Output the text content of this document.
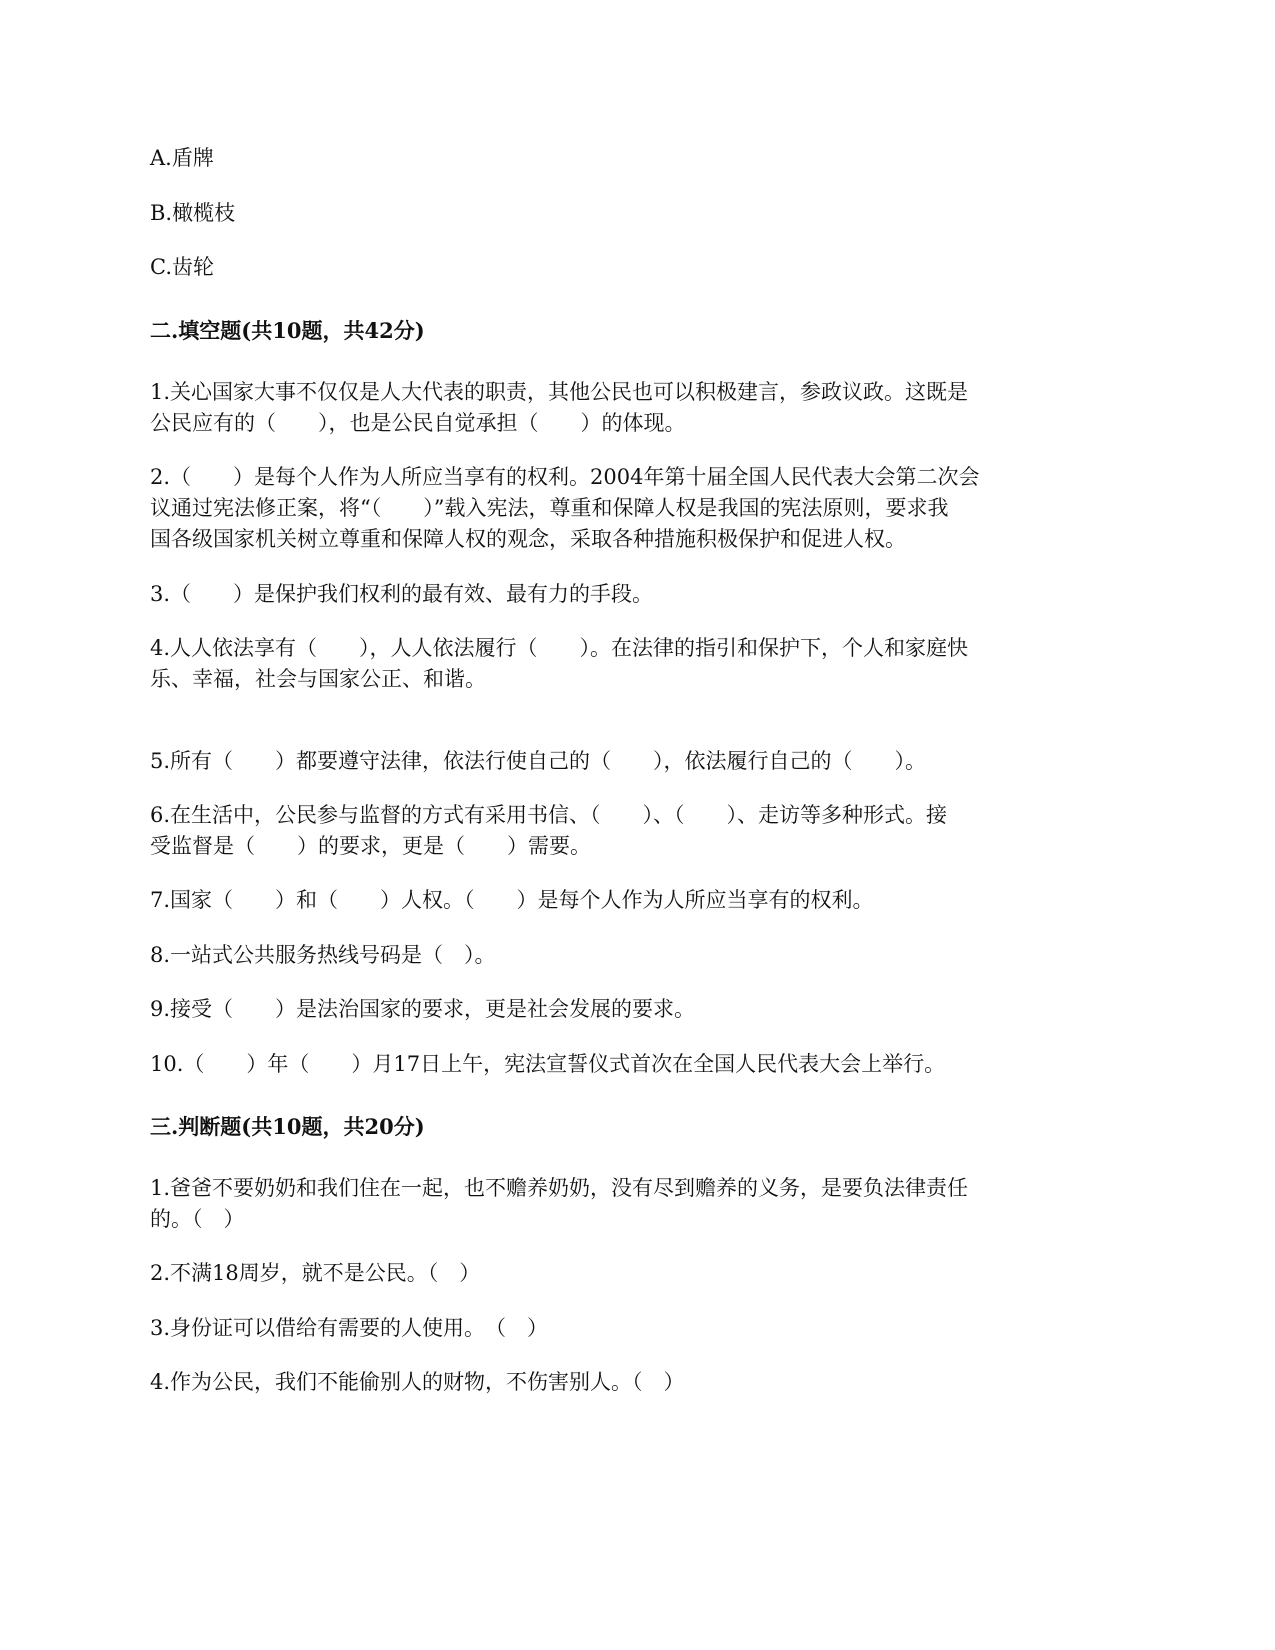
A.盾牌
B.橄榄枝
C.齿轮
二.填空题(共10题，共42分)
1.关心国家大事不仅仅是人大代表的职责，其他公民也可以积极建言，参政议政。这既是
公民应有的（　　），也是公民自觉承担（　　）的体现。
2.（　　）是每个人作为人所应当享有的权利。2004年第十届全国人民代表大会第二次会
议通过宪法修正案，将“（　　）”载入宪法，尊重和保障人权是我国的宪法原则，要求我
国各级国家机关树立尊重和保障人权的观念，采取各种措施积极保护和促进人权。
3.（　　）是保护我们权利的最有效、最有力的手段。
4.人人依法享有（　　），人人依法履行（　　）。在法律的指引和保护下，个人和家庭快
乐、幸福，社会与国家公正、和谐。
5.所有（　　）都要遵守法律，依法行使自己的（　　），依法履行自己的（　　）。
6.在生活中，公民参与监督的方式有采用书信、（　　）、（　　）、走访等多种形式。接
受监督是（　　）的要求，更是（　　）需要。
7.国家（　　）和（　　）人权。（　　）是每个人作为人所应当享有的权利。
8.一站式公共服务热线号码是（　）。
9.接受（　　）是法治国家的要求，更是社会发展的要求。
10.（　　）年（　　）月17日上午，宪法宣誓仪式首次在全国人民代表大会上举行。
三.判断题(共10题，共20分)
1.爸爸不要奶奶和我们住在一起，也不赡养奶奶，没有尽到赡养的义务，是要负法律责任
的。（　）
2.不满18周岁，就不是公民。（　）
3.身份证可以借给有需要的人使用。　（　）
4.作为公民，我们不能偷别人的财物，不伤害别人。（　）
